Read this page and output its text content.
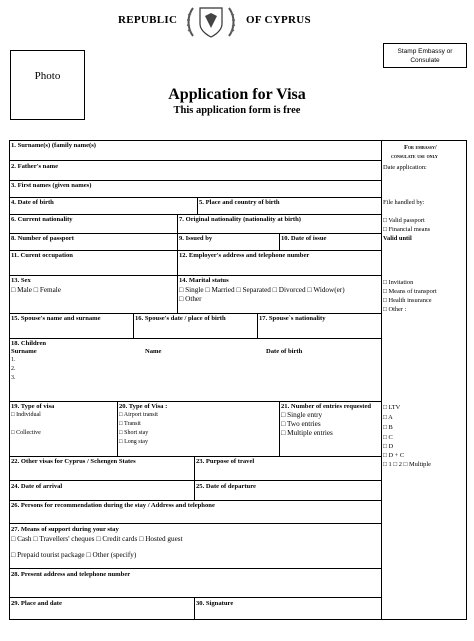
REPUBLIC	OF CYPRUS
Photo
Stamp Embassy or
Consulate
Application for Visa
This application form is free
1. Surname(s) (family name(s)
2. Father's name
3. First names (given names)
4. Date of birth	5. Place and country of birth
6. Current nationality	7. Original nationality (nationality at birth)
8. Number of passport	9. Issued by	10. Date of issue
11. Curent occupation	12. Employer's address and telephone number
13. Sex
□ Male □ Female
14. Marital status
□ Single □ Married □ Separated □ Divorced □ Widow(er)
□ Other
15. Spouse's name and surname	16. Spouse's date / place of birth	17. Spouse`s nationality
18. Children
Surname	Name	Date of birth
1.
2.
3.
19. Type of visa
□ Individual
□ Collective
20. Type of Visa :
□ Airport transit
□ Transit
□ Short stay
□ Long stay
21. Number of entries requested
□ Single entry
□ Two entries
□ Multiple entries
22. Other visas for Cyprus / Schengen States	23. Purpose of travel
24. Date of arrival	25. Date of departure
26. Persons for recommendation during the stay / Address and telephone
27. Means of support during your stay
□ Cash □ Travellers' cheques □ Credit cards □ Hosted guest
□ Prepaid tourist package □ Other (specify)
28. Present address and telephone number
29. Place and date	30. Signature
For embassy/
consulate use only
Date application:
File handled by:
□ Valid passport
□ Financial means
Valid until
□ Invitation
□ Means of transport
□ Health insurance
□ Other :
□ LTV
□ A
□ B
□ C
□ D
□ D + C
□ 1 □ 2 □ Multiple
